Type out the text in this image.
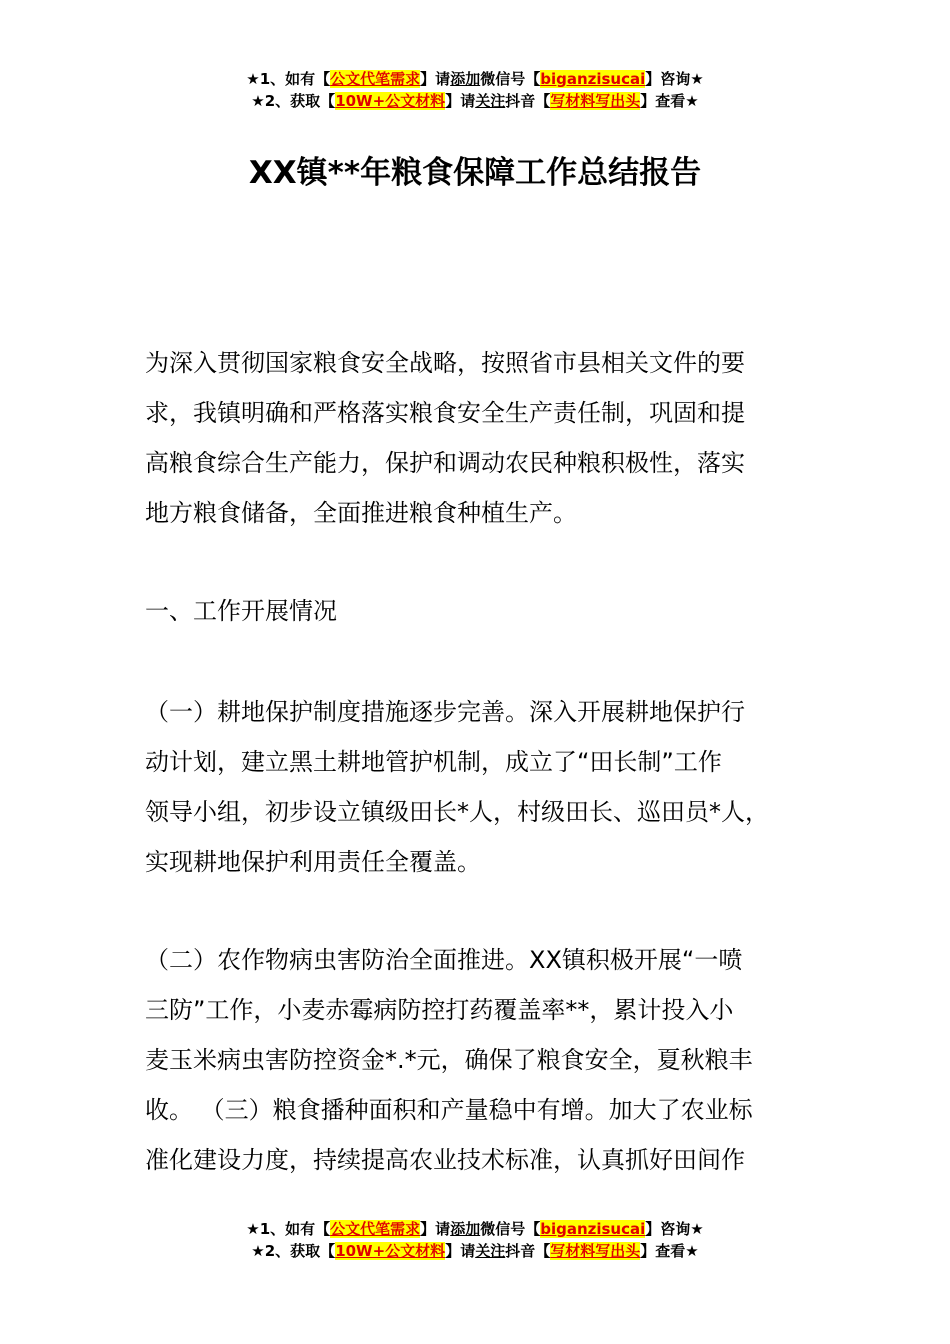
★1、如有【公文代笔需求】请添加微信号【biganzisucai】咨询★
★2、获取【10W+公文材料】请关注抖音【写材料写出头】查看★
XX镇**年粮食保障工作总结报告
为深入贯彻国家粮食安全战略，按照省市县相关文件的要
求，我镇明确和严格落实粮食安全生产责任制，巩固和提
高粮食综合生产能力，保护和调动农民种粮积极性，落实
地方粮食储备，全面推进粮食种植生产。
一、工作开展情况
（一）耕地保护制度措施逐步完善。深入开展耕地保护行
动计划，建立黑土耕地管护机制，成立了“田长制”工作
领导小组，初步设立镇级田长*人，村级田长、巡田员*人，
实现耕地保护利用责任全覆盖。
（二）农作物病虫害防治全面推进。XX镇积极开展“一喷
三防”工作，小麦赤霉病防控打药覆盖率**，累计投入小
麦玉米病虫害防控资金*.*元，确保了粮食安全，夏秋粮丰
收。 （三）粮食播种面积和产量稳中有增。加大了农业标
准化建设力度，持续提高农业技术标准，认真抓好田间作
★1、如有【公文代笔需求】请添加微信号【biganzisucai】咨询★
★2、获取【10W+公文材料】请关注抖音【写材料写出头】查看★
